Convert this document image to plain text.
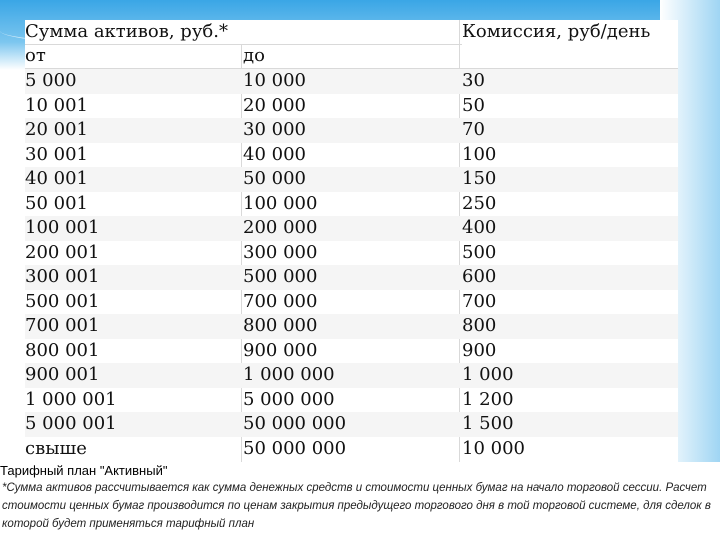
Сумма активов, руб.*	Комиссия, руб/день
от	до
5 000	10 000	30
10 001	20 000	50
20 001	30 000	70
30 001	40 000	100
40 001	50 000	150
50 001	100 000	250
100 001	200 000	400
200 001	300 000	500
300 001	500 000	600
500 001	700 000	700
700 001	800 000	800
800 001	900 000	900
900 001	1 000 000	1 000
1 000 001	5 000 000	1 200
5 000 001	50 000 000	1 500
свыше	50 000 000	10 000
Тарифный план "Активный"
*Сумма активов рассчитывается как сумма денежных средств и стоимости ценных бумаг на начало торговой сессии. Расчет стоимости ценных бумаг производится по ценам закрытия предыдущего торгового дня в той торговой системе, для сделок в которой будет применяться тарифный план
